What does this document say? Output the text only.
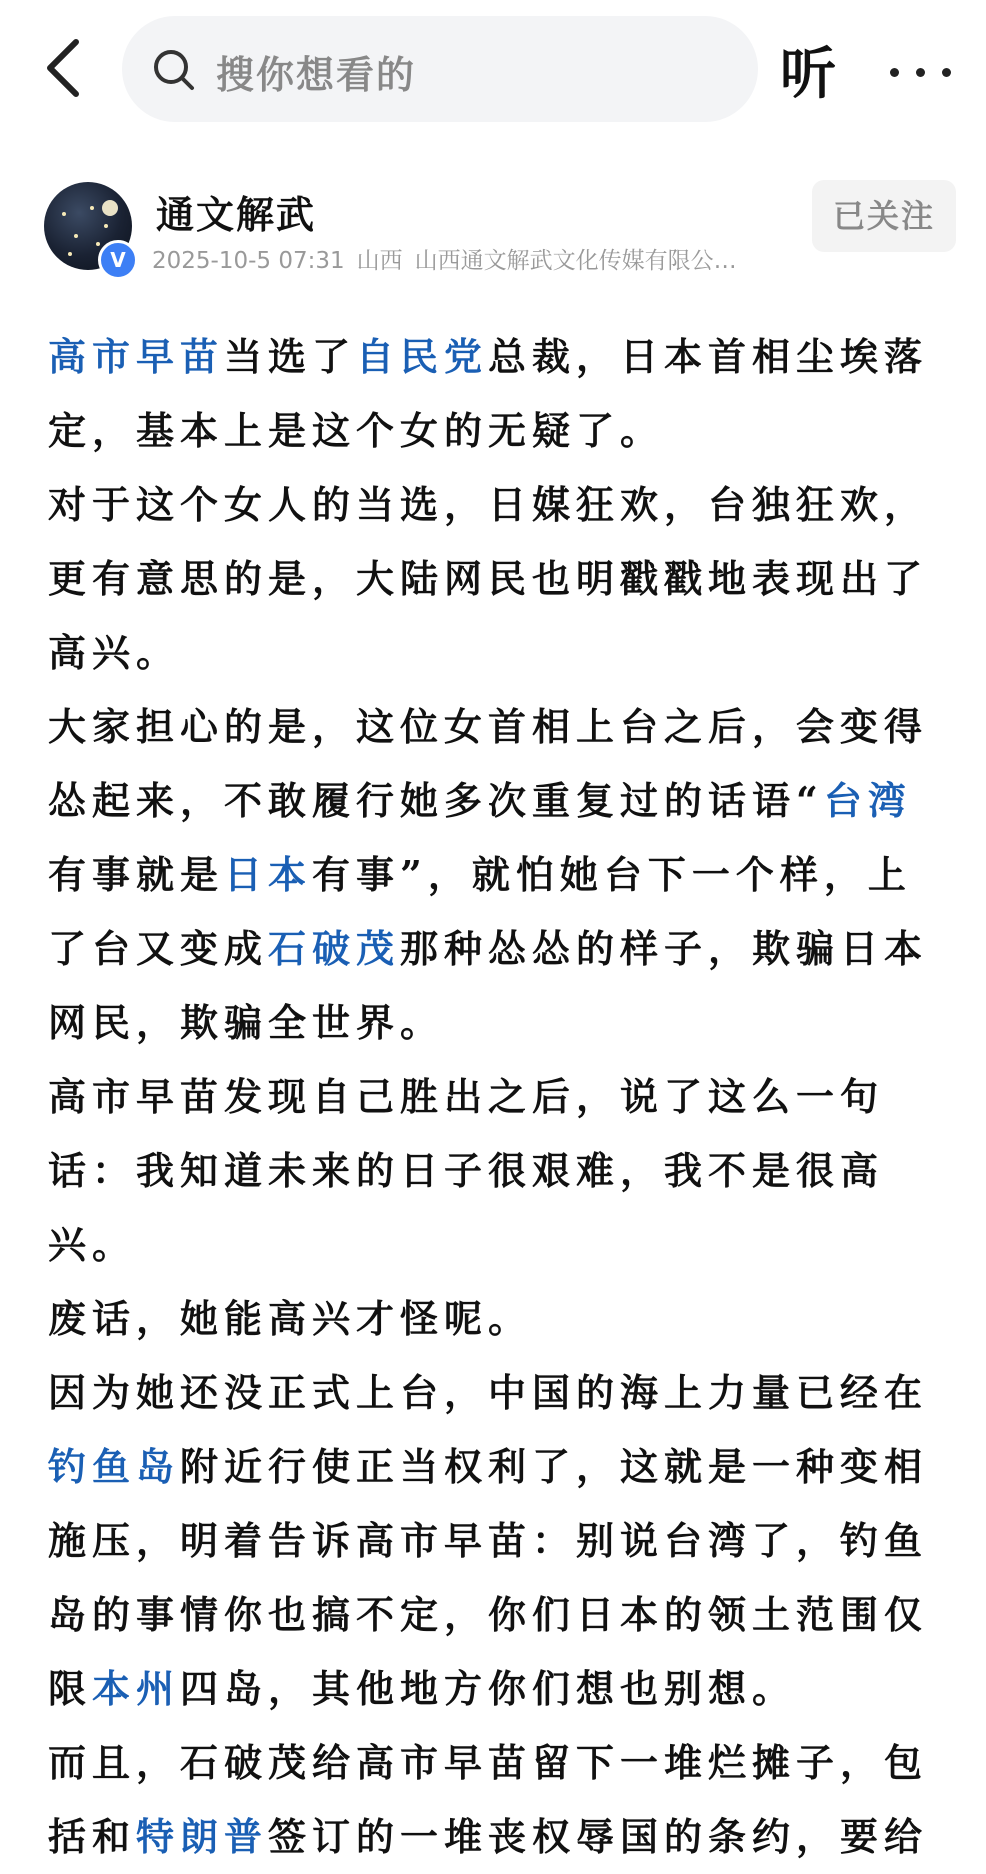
搜你想看的	听
V
通文解武
2025-10-5 07:31 山西 山西通文解武文化传媒有限公…
已关注

高市早苗当选了自民党总裁，日本首相尘埃落定，基本上是这个女的无疑了。

对于这个女人的当选，日媒狂欢，台独狂欢，更有意思的是，大陆网民也明戳戳地表现出了高兴。

大家担心的是，这位女首相上台之后，会变得怂起来，不敢履行她多次重复过的话语“台湾有事就是日本有事”，就怕她台下一个样，上了台又变成石破茂那种怂怂的样子，欺骗日本网民，欺骗全世界。

高市早苗发现自己胜出之后，说了这么一句话：我知道未来的日子很艰难，我不是很高兴。

废话，她能高兴才怪呢。

因为她还没正式上台，中国的海上力量已经在钓鱼岛附近行使正当权利了，这就是一种变相施压，明着告诉高市早苗：别说台湾了，钓鱼岛的事情你也搞不定，你们日本的领土范围仅限本州四岛，其他地方你们想也别想。

而且，石破茂给高市早苗留下一堆烂摊子，包括和特朗普签订的一堆丧权辱国的条约，要给
